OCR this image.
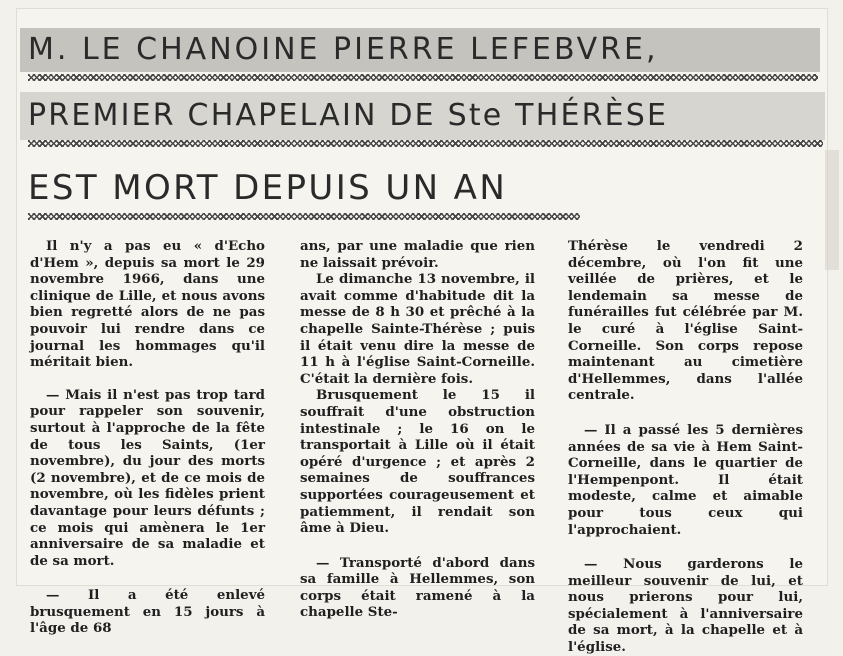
M. LE CHANOINE PIERRE LEFEBVRE,
PREMIER CHAPELAIN DE Ste THÉRÈSE
EST MORT DEPUIS UN AN

Il n'y a pas eu « d'Echo d'Hem », depuis sa mort le 29 novembre 1966, dans une clinique de Lille, et nous avons bien regretté alors de ne pas pouvoir lui rendre dans ce journal les hommages qu'il méritait bien.

— Mais il n'est pas trop tard pour rappeler son souvenir, surtout à l'approche de la fête de tous les Saints, (1er novembre), du jour des morts (2 novembre), et de ce mois de novembre, où les fidèles prient davantage pour leurs défunts ; ce mois qui amènera le 1er anniversaire de sa maladie et de sa mort.

— Il a été enlevé brusquement en 15 jours à l'âge de 68

ans, par une maladie que rien ne laissait prévoir.

Le dimanche 13 novembre, il avait comme d'habitude dit la messe de 8 h 30 et prêché à la chapelle Sainte-Thérèse ; puis il était venu dire la messe de 11 h à l'église Saint-Corneille. C'était la dernière fois.

Brusquement le 15 il souffrait d'une obstruction intestinale ; le 16 on le transportait à Lille où il était opéré d'urgence ; et après 2 semaines de souffrances supportées courageusement et patiemment, il rendait son âme à Dieu.

— Transporté d'abord dans sa famille à Hellemmes, son corps était ramené à la chapelle Ste-

Thérèse le vendredi 2 décembre, où l'on fit une veillée de prières, et le lendemain sa messe de funérailles fut célébrée par M. le curé à l'église Saint-Corneille. Son corps repose maintenant au cimetière d'Hellemmes, dans l'allée centrale.

— Il a passé les 5 dernières années de sa vie à Hem Saint-Corneille, dans le quartier de l'Hempenpont. Il était modeste, calme et aimable pour tous ceux qui l'approchaient.

— Nous garderons le meilleur souvenir de lui, et nous prierons pour lui, spécialement à l'anniversaire de sa mort, à la chapelle et à l'église.
